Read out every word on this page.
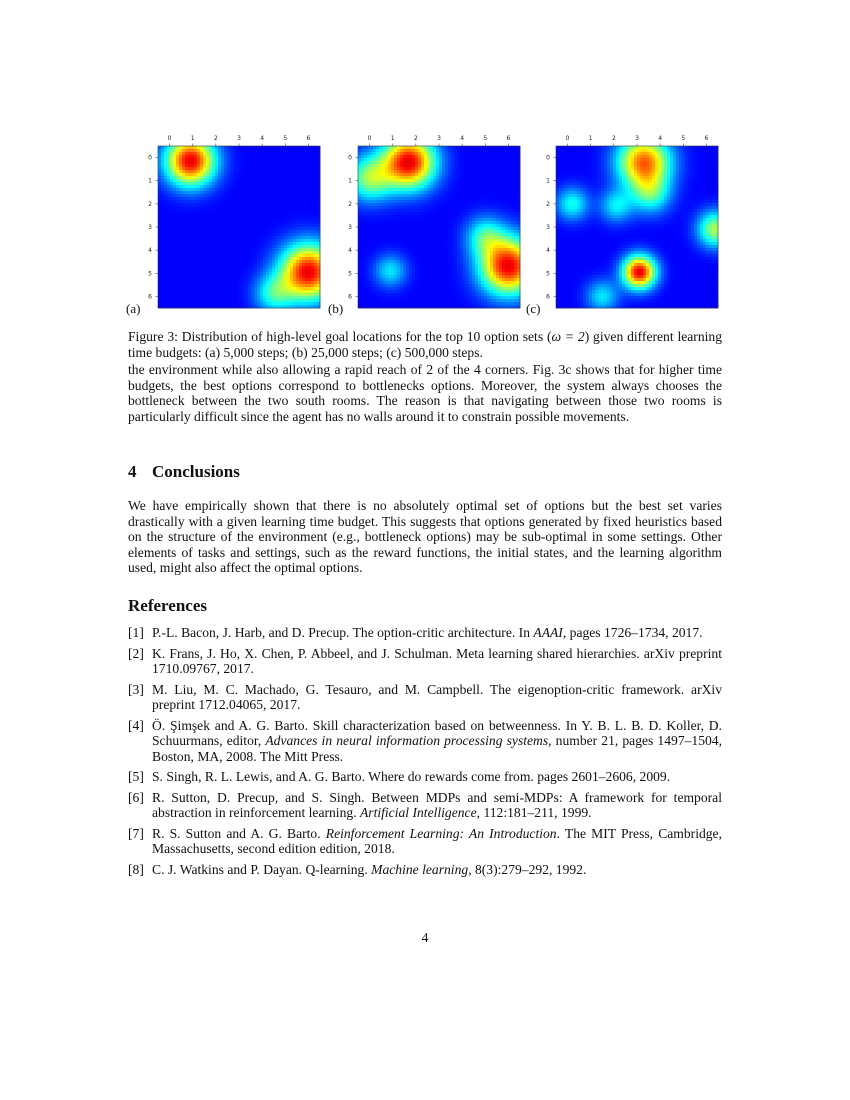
0
0
1
1
2
2
3
3
4
4
5
5
6
6
(a)
0
0
1
1
2
2
3
3
4
4
5
5
6
6
(b)
0
0
1
1
2
2
3
3
4
4
5
5
6
6
(c)
Figure 3: Distribution of high-level goal locations for the top 10 option sets (ω = 2) given different learning time budgets: (a) 5,000 steps; (b) 25,000 steps; (c) 500,000 steps.
the environment while also allowing a rapid reach of 2 of the 4 corners. Fig. 3c shows that for higher time budgets, the best options correspond to bottlenecks options. Moreover, the system always chooses the bottleneck between the two south rooms. The reason is that navigating between those two rooms is particularly difficult since the agent has no walls around it to constrain possible movements.
4 Conclusions
We have empirically shown that there is no absolutely optimal set of options but the best set varies drastically with a given learning time budget. This suggests that options generated by fixed heuristics based on the structure of the environment (e.g., bottleneck options) may be sub-optimal in some settings. Other elements of tasks and settings, such as the reward functions, the initial states, and the learning algorithm used, might also affect the optimal options.
References
[1] P.-L. Bacon, J. Harb, and D. Precup. The option-critic architecture. In AAAI, pages 1726–1734, 2017.
[2] K. Frans, J. Ho, X. Chen, P. Abbeel, and J. Schulman. Meta learning shared hierarchies. arXiv preprint 1710.09767, 2017.
[3] M. Liu, M. C. Machado, G. Tesauro, and M. Campbell. The eigenoption-critic framework. arXiv preprint 1712.04065, 2017.
[4] Ö. Şimşek and A. G. Barto. Skill characterization based on betweenness. In Y. B. L. B. D. Koller, D. Schuurmans, editor, Advances in neural information processing systems, number 21, pages 1497–1504, Boston, MA, 2008. The Mitt Press.
[5] S. Singh, R. L. Lewis, and A. G. Barto. Where do rewards come from. pages 2601–2606, 2009.
[6] R. Sutton, D. Precup, and S. Singh. Between MDPs and semi-MDPs: A framework for temporal abstraction in reinforcement learning. Artificial Intelligence, 112:181–211, 1999.
[7] R. S. Sutton and A. G. Barto. Reinforcement Learning: An Introduction. The MIT Press, Cambridge, Massachusetts, second edition edition, 2018.
[8] C. J. Watkins and P. Dayan. Q-learning. Machine learning, 8(3):279–292, 1992.
4
